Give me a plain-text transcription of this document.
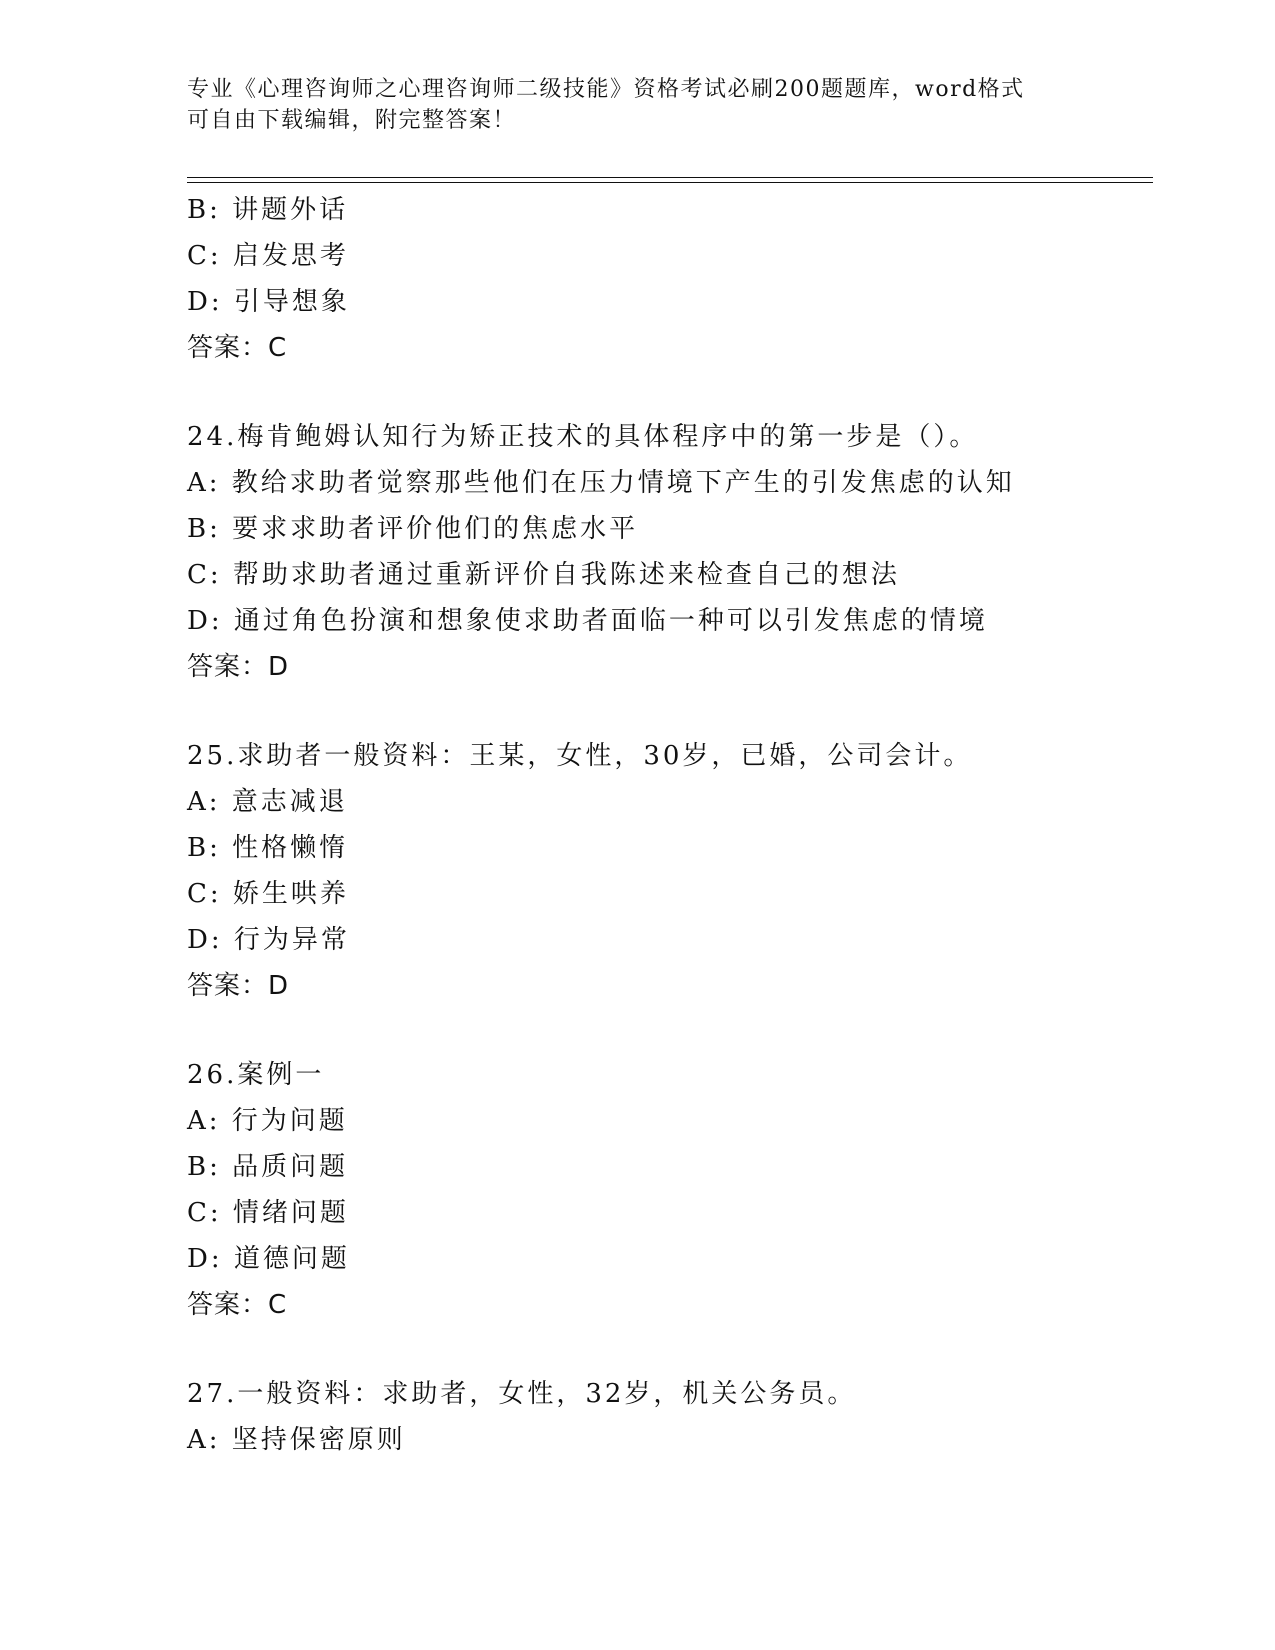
专业《心理咨询师之心理咨询师二级技能》资格考试必刷200题题库，word格式
可自由下载编辑，附完整答案！
B: 讲题外话
C: 启发思考
D: 引导想象
答案：C
24.梅肯鲍姆认知行为矫正技术的具体程序中的第一步是（）。
A: 教给求助者觉察那些他们在压力情境下产生的引发焦虑的认知
B: 要求求助者评价他们的焦虑水平
C: 帮助求助者通过重新评价自我陈述来检查自己的想法
D: 通过角色扮演和想象使求助者面临一种可以引发焦虑的情境
答案：D
25.求助者一般资料：王某，女性，30岁，已婚，公司会计。
A: 意志减退
B: 性格懒惰
C: 娇生哄养
D: 行为异常
答案：D
26.案例一
A: 行为问题
B: 品质问题
C: 情绪问题
D: 道德问题
答案：C
27.一般资料：求助者，女性，32岁，机关公务员。
A: 坚持保密原则
